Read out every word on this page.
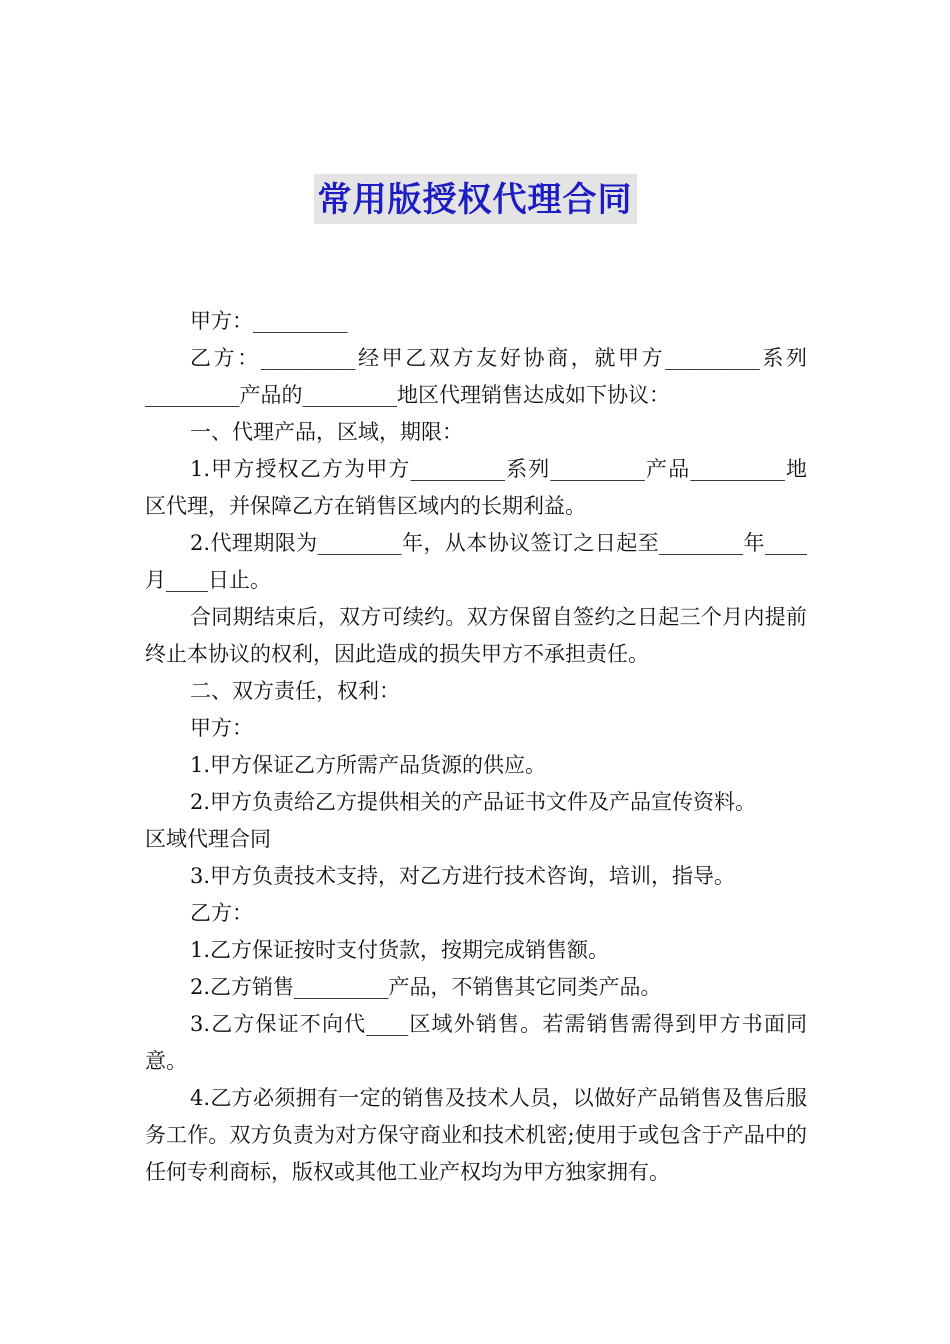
常用版授权代理合同

甲方：_________

乙方：_________经甲乙双方友好协商，就甲方_________系列_________产品的_________地区代理销售达成如下协议：

一、代理产品，区域，期限：

1.甲方授权乙方为甲方_________系列_________产品_________地区代理，并保障乙方在销售区域内的长期利益。

2.代理期限为________年，从本协议签订之日起至________年____月____日止。

合同期结束后，双方可续约。双方保留自签约之日起三个月内提前终止本协议的权利，因此造成的损失甲方不承担责任。

二、双方责任，权利：

甲方：

1.甲方保证乙方所需产品货源的供应。

2.甲方负责给乙方提供相关的产品证书文件及产品宣传资料。

区域代理合同

3.甲方负责技术支持，对乙方进行技术咨询，培训，指导。

乙方：

1.乙方保证按时支付货款，按期完成销售额。

2.乙方销售_________产品，不销售其它同类产品。

3.乙方保证不向代____区域外销售。若需销售需得到甲方书面同意。

4.乙方必须拥有一定的销售及技术人员，以做好产品销售及售后服务工作。双方负责为对方保守商业和技术机密;使用于或包含于产品中的任何专利商标，版权或其他工业产权均为甲方独家拥有。
